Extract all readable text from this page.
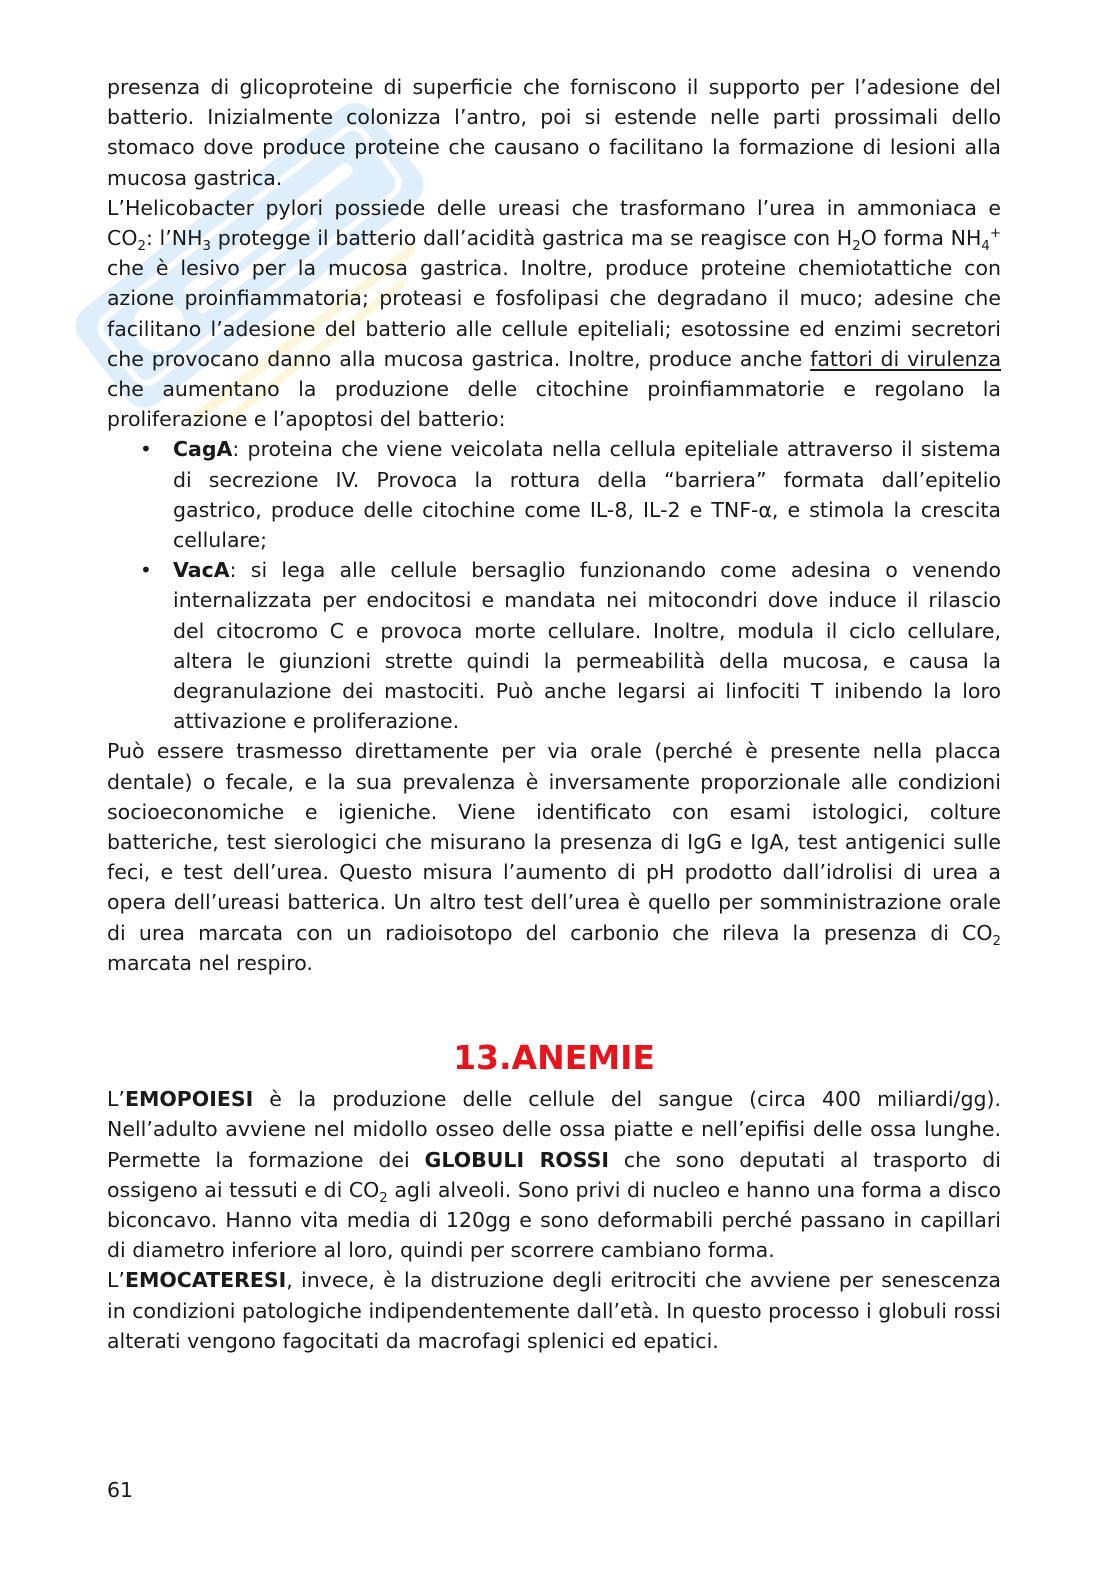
presenza di glicoproteine di superficie che forniscono il supporto per l’adesione del batterio. Inizialmente colonizza l’antro, poi si estende nelle parti prossimali dello stomaco dove produce proteine che causano o facilitano la formazione di lesioni alla mucosa gastrica.

L’Helicobacter pylori possiede delle ureasi che trasformano l’urea in ammoniaca e $CO_2$: $l’NH_3$ protegge il batterio dall’acidità gastrica ma se reagisce con $H_2O$ forma $NH_4^+$ che è lesivo per la mucosa gastrica. Inoltre, produce proteine chemiotattiche con azione proinfiammatoria; proteasi e fosfolipasi che degradano il muco; adesine che facilitano l’adesione del batterio alle cellule epiteliali; esotossine ed enzimi secretori che provocano danno alla mucosa gastrica. Inoltre, produce anche fattori di virulenza che aumentano la produzione delle citochine proinfiammatorie e regolano la proliferazione e l’apoptosi del batterio:

• CagA: proteina che viene veicolata nella cellula epiteliale attraverso il sistema di secrezione IV. Provoca la rottura della “barriera” formata dall’epitelio gastrico, produce delle citochine come IL-8, IL-2 e TNF-α, e stimola la crescita cellulare;
• VacA: si lega alle cellule bersaglio funzionando come adesina o venendo internalizzata per endocitosi e mandata nei mitocondri dove induce il rilascio del citocromo C e provoca morte cellulare. Inoltre, modula il ciclo cellulare, altera le giunzioni strette quindi la permeabilità della mucosa, e causa la degranulazione dei mastociti. Può anche legarsi ai linfociti T inibendo la loro attivazione e proliferazione.

Può essere trasmesso direttamente per via orale (perché è presente nella placca dentale) o fecale, e la sua prevalenza è inversamente proporzionale alle condizioni socioeconomiche e igieniche. Viene identificato con esami istologici, colture batteriche, test sierologici che misurano la presenza di IgG e IgA, test antigenici sulle feci, e test dell’urea. Questo misura l’aumento di pH prodotto dall’idrolisi di urea a opera dell’ureasi batterica. Un altro test dell’urea è quello per somministrazione orale di urea marcata con un radioisotopo del carbonio che rileva la presenza di $CO_2$ marcata nel respiro.

13.ANEMIE

L’EMOPOIESI è la produzione delle cellule del sangue (circa 400 miliardi/gg). Nell’adulto avviene nel midollo osseo delle ossa piatte e nell’epifisi delle ossa lunghe. Permette la formazione dei GLOBULI ROSSI che sono deputati al trasporto di ossigeno ai tessuti e di $CO_2$ agli alveoli. Sono privi di nucleo e hanno una forma a disco biconcavo. Hanno vita media di 120gg e sono deformabili perché passano in capillari di diametro inferiore al loro, quindi per scorrere cambiano forma.

L’EMOCATERESI, invece, è la distruzione degli eritrociti che avviene per senescenza in condizioni patologiche indipendentemente dall’età. In questo processo i globuli rossi alterati vengono fagocitati da macrofagi splenici ed epatici.

61
